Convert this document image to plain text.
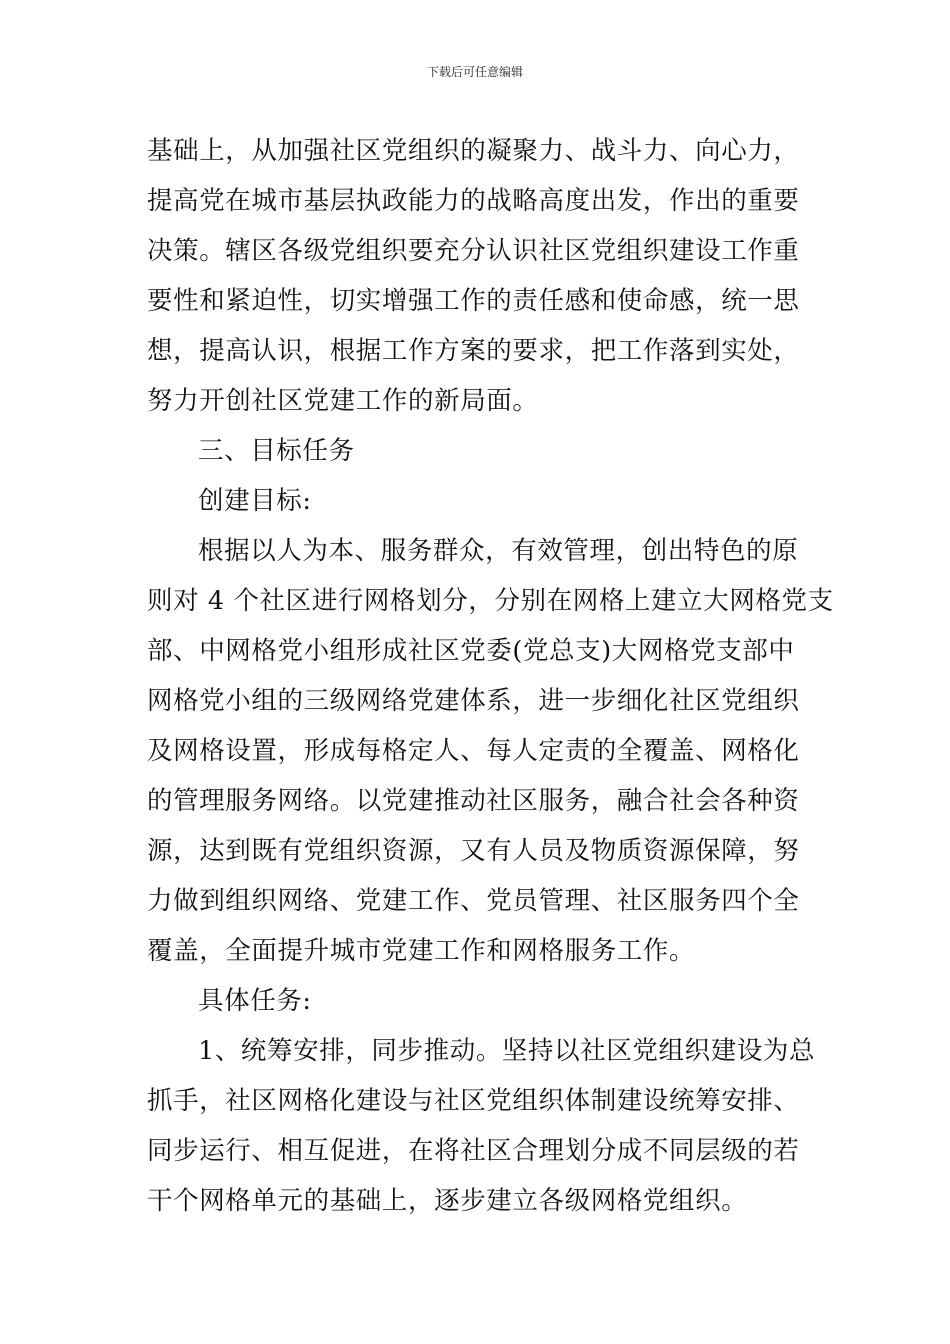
下载后可任意编辑
基础上，从加强社区党组织的凝聚力、战斗力、向心力，
提高党在城市基层执政能力的战略高度出发，作出的重要
决策。辖区各级党组织要充分认识社区党组织建设工作重
要性和紧迫性，切实增强工作的责任感和使命感，统一思
想，提高认识，根据工作方案的要求，把工作落到实处，
努力开创社区党建工作的新局面。
三、目标任务
创建目标:
根据以人为本、服务群众，有效管理，创出特色的原
则对 4 个社区进行网格划分，分别在网格上建立大网格党支
部、中网格党小组形成社区党委(党总支)大网格党支部中
网格党小组的三级网络党建体系，进一步细化社区党组织
及网格设置，形成每格定人、每人定责的全覆盖、网格化
的管理服务网络。以党建推动社区服务，融合社会各种资
源，达到既有党组织资源，又有人员及物质资源保障，努
力做到组织网络、党建工作、党员管理、社区服务四个全
覆盖，全面提升城市党建工作和网格服务工作。
具体任务:
1、统筹安排，同步推动。坚持以社区党组织建设为总
抓手，社区网格化建设与社区党组织体制建设统筹安排、
同步运行、相互促进，在将社区合理划分成不同层级的若
干个网格单元的基础上，逐步建立各级网格党组织。
